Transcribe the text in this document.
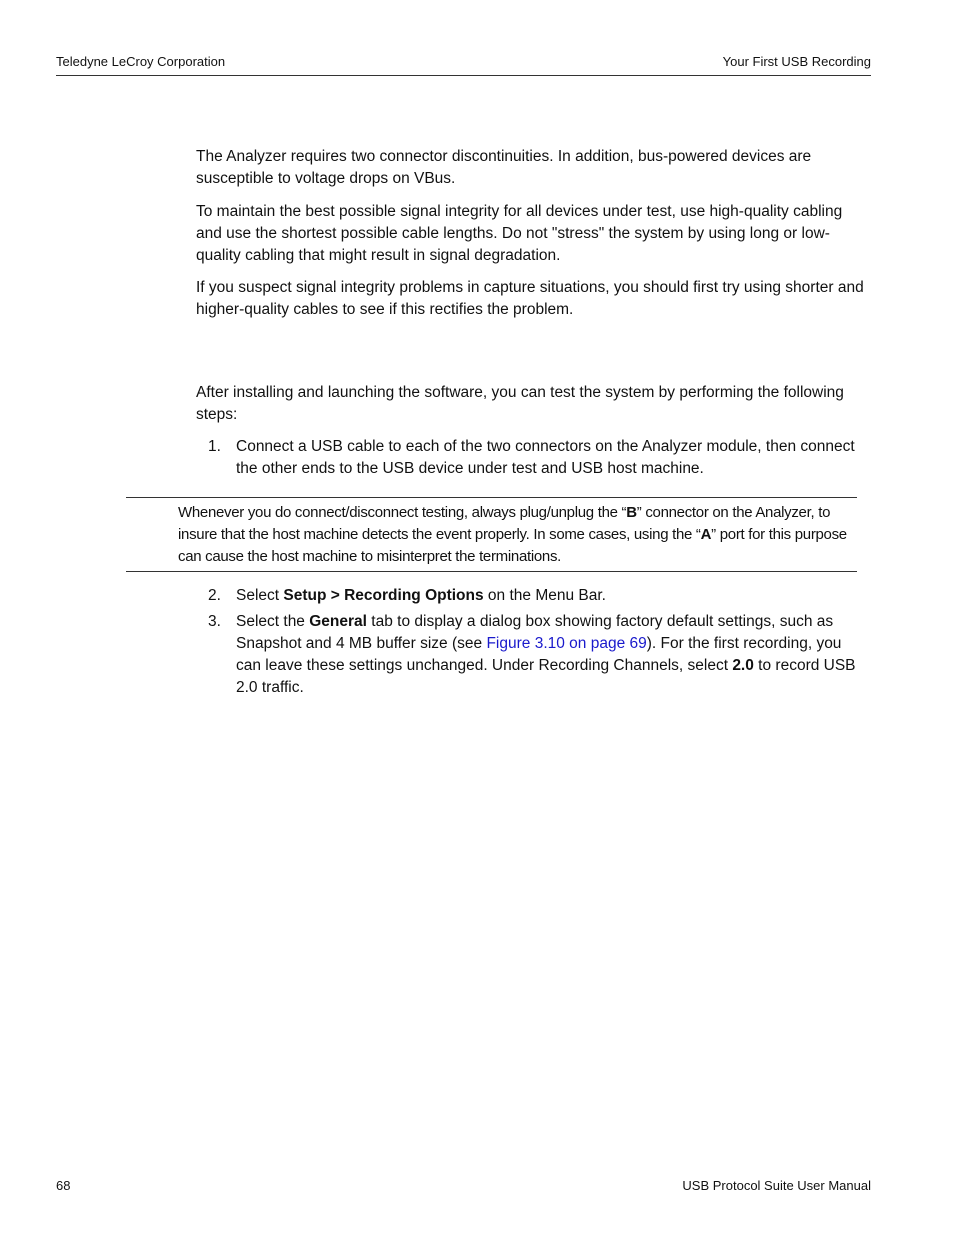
Teledyne LeCroy Corporation	Your First USB Recording

The Analyzer requires two connector discontinuities. In addition, bus-powered devices are susceptible to voltage drops on VBus.

To maintain the best possible signal integrity for all devices under test, use high-quality cabling and use the shortest possible cable lengths. Do not "stress" the system by using long or low-quality cabling that might result in signal degradation.

If you suspect signal integrity problems in capture situations, you should first try using shorter and higher-quality cables to see if this rectifies the problem.

After installing and launching the software, you can test the system by performing the following steps:

1. Connect a USB cable to each of the two connectors on the Analyzer module, then connect the other ends to the USB device under test and USB host machine.

Whenever you do connect/disconnect testing, always plug/unplug the “B” connector on the Analyzer, to insure that the host machine detects the event properly. In some cases, using the “A” port for this purpose can cause the host machine to misinterpret the terminations.

2. Select Setup > Recording Options on the Menu Bar.
3. Select the General tab to display a dialog box showing factory default settings, such as Snapshot and 4 MB buffer size (see Figure 3.10 on page 69). For the first recording, you can leave these settings unchanged. Under Recording Channels, select 2.0 to record USB 2.0 traffic.
68	USB Protocol Suite User Manual
